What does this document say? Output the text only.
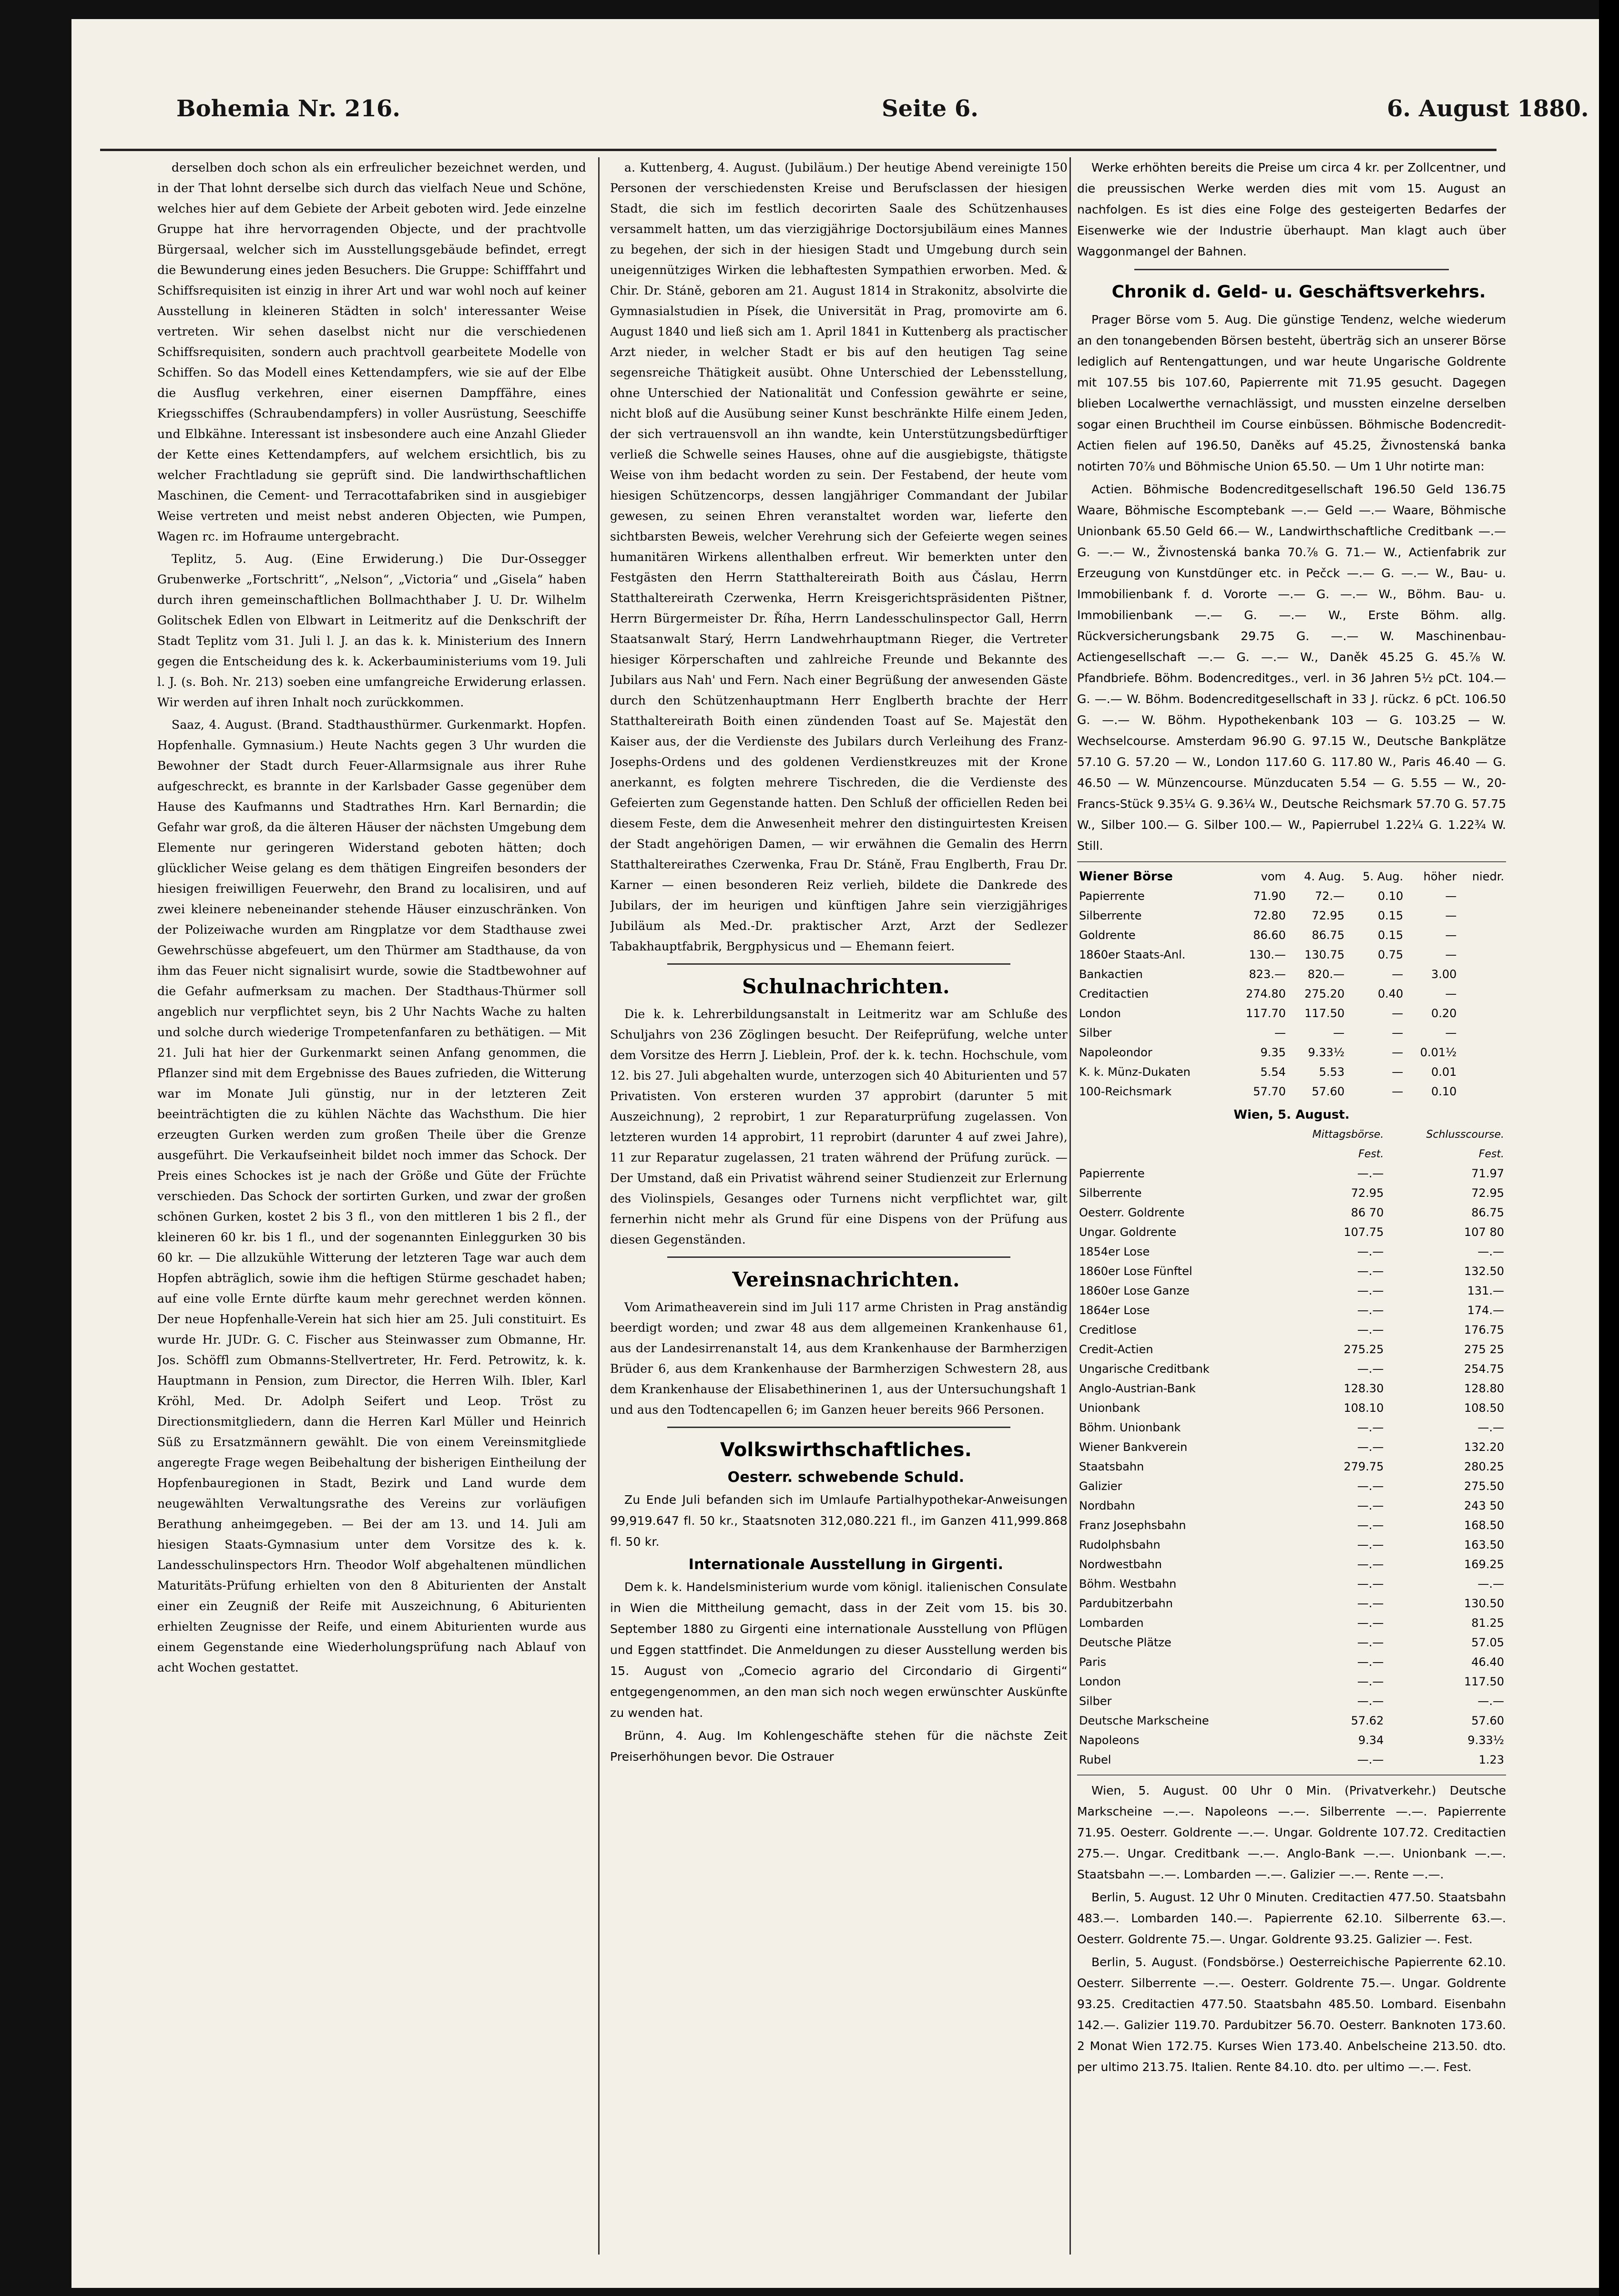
Bohemia Nr. 216.	Seite 6.	6. August 1880.

derselben doch schon als ein erfreulicher bezeichnet werden, und in der That lohnt derselbe sich durch das vielfach Neue und Schöne, welches hier auf dem Gebiete der Arbeit geboten wird. Jede einzelne Gruppe hat ihre hervorragenden Objecte, und der prachtvolle Bürgersaal, welcher sich im Ausstellungsgebäude befindet, erregt die Bewunderung eines jeden Besuchers. Die Gruppe: Schifffahrt und Schiffsrequisiten ist einzig in ihrer Art und war wohl noch auf keiner Ausstellung in kleineren Städten in solch' interessanter Weise vertreten. Wir sehen daselbst nicht nur die verschiedenen Schiffsrequisiten, sondern auch prachtvoll gearbeitete Modelle von Schiffen. So das Modell eines Kettendampfers, wie sie auf der Elbe die Ausflug verkehren, einer eisernen Dampffähre, eines Kriegsschiffes (Schraubendampfers) in voller Ausrüstung, Seeschiffe und Elbkähne. Interessant ist insbesondere auch eine Anzahl Glieder der Kette eines Kettendampfers, auf welchem ersichtlich, bis zu welcher Frachtladung sie geprüft sind. Die landwirthschaftlichen Maschinen, die Cement- und Terracottafabriken sind in ausgiebiger Weise vertreten und meist nebst anderen Objecten, wie Pumpen, Wagen rc. im Hofraume untergebracht.

Teplitz, 5. Aug. (Eine Erwiderung.) Die Dur-Ossegger Grubenwerke „Fortschritt“, „Nelson“, „Victoria“ und „Gisela“ haben durch ihren gemeinschaftlichen Bollmachthaber J. U. Dr. Wilhelm Golitschek Edlen von Elbwart in Leitmeritz auf die Denkschrift der Stadt Teplitz vom 31. Juli l. J. an das k. k. Ministerium des Innern gegen die Entscheidung des k. k. Ackerbauministeriums vom 19. Juli l. J. (s. Boh. Nr. 213) soeben eine umfangreiche Erwiderung erlassen. Wir werden auf ihren Inhalt noch zurückkommen.

Saaz, 4. August. (Brand. Stadthausthürmer. Gurkenmarkt. Hopfen. Hopfenhalle. Gymnasium.) Heute Nachts gegen 3 Uhr wurden die Bewohner der Stadt durch Feuer-Allarmsignale aus ihrer Ruhe aufgeschreckt, es brannte in der Karlsbader Gasse gegenüber dem Hause des Kaufmanns und Stadtrathes Hrn. Karl Bernardin; die Gefahr war groß, da die älteren Häuser der nächsten Umgebung dem Elemente nur geringeren Widerstand geboten hätten; doch glücklicher Weise gelang es dem thätigen Eingreifen besonders der hiesigen freiwilligen Feuerwehr, den Brand zu localisiren, und auf zwei kleinere nebeneinander stehende Häuser einzuschränken. Von der Polizeiwache wurden am Ringplatze vor dem Stadthause zwei Gewehrschüsse abgefeuert, um den Thürmer am Stadthause, da von ihm das Feuer nicht signalisirt wurde, sowie die Stadtbewohner auf die Gefahr aufmerksam zu machen. Der Stadthaus-Thürmer soll angeblich nur verpflichtet seyn, bis 2 Uhr Nachts Wache zu halten und solche durch wiederige Trompetenfanfaren zu bethätigen. — Mit 21. Juli hat hier der Gurkenmarkt seinen Anfang genommen, die Pflanzer sind mit dem Ergebnisse des Baues zufrieden, die Witterung war im Monate Juli günstig, nur in der letzteren Zeit beeinträchtigten die zu kühlen Nächte das Wachsthum. Die hier erzeugten Gurken werden zum großen Theile über die Grenze ausgeführt. Die Verkaufseinheit bildet noch immer das Schock. Der Preis eines Schockes ist je nach der Größe und Güte der Früchte verschieden. Das Schock der sortirten Gurken, und zwar der großen schönen Gurken, kostet 2 bis 3 fl., von den mittleren 1 bis 2 fl., der kleineren 60 kr. bis 1 fl., und der sogenannten Einleggurken 30 bis 60 kr. — Die allzukühle Witterung der letzteren Tage war auch dem Hopfen abträglich, sowie ihm die heftigen Stürme geschadet haben; auf eine volle Ernte dürfte kaum mehr gerechnet werden können. Der neue Hopfenhalle-Verein hat sich hier am 25. Juli constituirt. Es wurde Hr. JUDr. G. C. Fischer aus Steinwasser zum Obmanne, Hr. Jos. Schöffl zum Obmanns-Stellvertreter, Hr. Ferd. Petrowitz, k. k. Hauptmann in Pension, zum Director, die Herren Wilh. Ibler, Karl Kröhl, Med. Dr. Adolph Seifert und Leop. Tröst zu Directionsmitgliedern, dann die Herren Karl Müller und Heinrich Süß zu Ersatzmännern gewählt. Die von einem Vereinsmitgliede angeregte Frage wegen Beibehaltung der bisherigen Eintheilung der Hopfenbauregionen in Stadt, Bezirk und Land wurde dem neugewählten Verwaltungsrathe des Vereins zur vorläufigen Berathung anheimgegeben. — Bei der am 13. und 14. Juli am hiesigen Staats-Gymnasium unter dem Vorsitze des k. k. Landesschulinspectors Hrn. Theodor Wolf abgehaltenen mündlichen Maturitäts-Prüfung erhielten von den 8 Abiturienten der Anstalt einer ein Zeugniß der Reife mit Auszeichnung, 6 Abiturienten erhielten Zeugnisse der Reife, und einem Abiturienten wurde aus einem Gegenstande eine Wiederholungsprüfung nach Ablauf von acht Wochen gestattet.

a. Kuttenberg, 4. August. (Jubiläum.) Der heutige Abend vereinigte 150 Personen der verschiedensten Kreise und Berufsclassen der hiesigen Stadt, die sich im festlich decorirten Saale des Schützenhauses versammelt hatten, um das vierzigjährige Doctorsjubiläum eines Mannes zu begehen, der sich in der hiesigen Stadt und Umgebung durch sein uneigennütziges Wirken die lebhaftesten Sympathien erworben. Med. & Chir. Dr. Stáně, geboren am 21. August 1814 in Strakonitz, absolvirte die Gymnasialstudien in Písek, die Universität in Prag, promovirte am 6. August 1840 und ließ sich am 1. April 1841 in Kuttenberg als practischer Arzt nieder, in welcher Stadt er bis auf den heutigen Tag seine segensreiche Thätigkeit ausübt. Ohne Unterschied der Lebensstellung, ohne Unterschied der Nationalität und Confession gewährte er seine, nicht bloß auf die Ausübung seiner Kunst beschränkte Hilfe einem Jeden, der sich vertrauensvoll an ihn wandte, kein Unterstützungsbedürftiger verließ die Schwelle seines Hauses, ohne auf die ausgiebigste, thätigste Weise von ihm bedacht worden zu sein. Der Festabend, der heute vom hiesigen Schützencorps, dessen langjähriger Commandant der Jubilar gewesen, zu seinen Ehren veranstaltet worden war, lieferte den sichtbarsten Beweis, welcher Verehrung sich der Gefeierte wegen seines humanitären Wirkens allenthalben erfreut. Wir bemerkten unter den Festgästen den Herrn Statthaltereirath Boith aus Čáslau, Herrn Statthaltereirath Czerwenka, Herrn Kreisgerichtspräsidenten Pištner, Herrn Bürgermeister Dr. Říha, Herrn Landesschulinspector Gall, Herrn Staatsanwalt Starý, Herrn Landwehrhauptmann Rieger, die Vertreter hiesiger Körperschaften und zahlreiche Freunde und Bekannte des Jubilars aus Nah' und Fern. Nach einer Begrüßung der anwesenden Gäste durch den Schützenhauptmann Herr Englberth brachte der Herr Statthaltereirath Boith einen zündenden Toast auf Se. Majestät den Kaiser aus, der die Verdienste des Jubilars durch Verleihung des Franz-Josephs-Ordens und des goldenen Verdienstkreuzes mit der Krone anerkannt, es folgten mehrere Tischreden, die die Verdienste des Gefeierten zum Gegenstande hatten. Den Schluß der officiellen Reden bei diesem Feste, dem die Anwesenheit mehrer den distinguirtesten Kreisen der Stadt angehörigen Damen, — wir erwähnen die Gemalin des Herrn Statthaltereirathes Czerwenka, Frau Dr. Stáně, Frau Englberth, Frau Dr. Karner — einen besonderen Reiz verlieh, bildete die Dankrede des Jubilars, der im heurigen und künftigen Jahre sein vierzigjähriges Jubiläum als Med.-Dr. praktischer Arzt, Arzt der Sedlezer Tabakhauptfabrik, Bergphysicus und — Ehemann feiert.

Schulnachrichten.

Die k. k. Lehrerbildungsanstalt in Leitmeritz war am Schluße des Schuljahrs von 236 Zöglingen besucht. Der Reifeprüfung, welche unter dem Vorsitze des Herrn J. Lieblein, Prof. der k. k. techn. Hochschule, vom 12. bis 27. Juli abgehalten wurde, unterzogen sich 40 Abiturienten und 57 Privatisten. Von ersteren wurden 37 approbirt (darunter 5 mit Auszeichnung), 2 reprobirt, 1 zur Reparaturprüfung zugelassen. Von letzteren wurden 14 approbirt, 11 reprobirt (darunter 4 auf zwei Jahre), 11 zur Reparatur zugelassen, 21 traten während der Prüfung zurück. — Der Umstand, daß ein Privatist während seiner Studienzeit zur Erlernung des Violinspiels, Gesanges oder Turnens nicht verpflichtet war, gilt fernerhin nicht mehr als Grund für eine Dispens von der Prüfung aus diesen Gegenständen.

Vereinsnachrichten.

Vom Arimatheaverein sind im Juli 117 arme Christen in Prag anständig beerdigt worden; und zwar 48 aus dem allgemeinen Krankenhause 61, aus der Landesirrenanstalt 14, aus dem Krankenhause der Barmherzigen Brüder 6, aus dem Krankenhause der Barmherzigen Schwestern 28, aus dem Krankenhause der Elisabethinerinen 1, aus der Untersuchungshaft 1 und aus den Todtencapellen 6; im Ganzen heuer bereits 966 Personen.

Volkswirthschaftliches.

Oesterr. schwebende Schuld.

Zu Ende Juli befanden sich im Umlaufe Partialhypothekar-Anweisungen 99,919.647 fl. 50 kr., Staatsnoten 312,080.221 fl., im Ganzen 411,999.868 fl. 50 kr.

Internationale Ausstellung in Girgenti.

Dem k. k. Handelsministerium wurde vom königl. italienischen Consulate in Wien die Mittheilung gemacht, dass in der Zeit vom 15. bis 30. September 1880 zu Girgenti eine internationale Ausstellung von Pflügen und Eggen stattfindet. Die Anmeldungen zu dieser Ausstellung werden bis 15. August von „Comecio agrario del Circondario di Girgenti“ entgegengenommen, an den man sich noch wegen erwünschter Auskünfte zu wenden hat.

Brünn, 4. Aug. Im Kohlengeschäfte stehen für die nächste Zeit Preiserhöhungen bevor. Die Ostrauer

Werke erhöhten bereits die Preise um circa 4 kr. per Zollcentner, und die preussischen Werke werden dies mit vom 15. August an nachfolgen. Es ist dies eine Folge des gesteigerten Bedarfes der Eisenwerke wie der Industrie überhaupt. Man klagt auch über Waggonmangel der Bahnen.

Chronik d. Geld- u. Geschäftsverkehrs.

Prager Börse vom 5. Aug. Die günstige Tendenz, welche wiederum an den tonangebenden Börsen besteht, überträg sich an unserer Börse lediglich auf Rentengattungen, und war heute Ungarische Goldrente mit 107.55 bis 107.60, Papierrente mit 71.95 gesucht. Dagegen blieben Localwerthe vernachlässigt, und mussten einzelne derselben sogar einen Bruchtheil im Course einbüssen. Böhmische Bodencredit-Actien fielen auf 196.50, Daněks auf 45.25, Živnostenská banka notirten 70⅞ und Böhmische Union 65.50. — Um 1 Uhr notirte man:

Actien. Böhmische Bodencreditgesellschaft 196.50 Geld 136.75 Waare, Böhmische Escomptebank —.— Geld —.— Waare, Böhmische Unionbank 65.50 Geld 66.— W., Landwirthschaftliche Creditbank —.— G. —.— W., Živnostenská banka 70.⅞ G. 71.— W., Actienfabrik zur Erzeugung von Kunstdünger etc. in Pečck —.— G. —.— W., Bau- u. Immobilienbank f. d. Vororte —.— G. —.— W., Böhm. Bau- u. Immobilienbank —.— G. —.— W., Erste Böhm. allg. Rückversicherungsbank 29.75 G. —.— W. Maschinenbau-Actiengesellschaft —.— G. —.— W., Daněk 45.25 G. 45.⅞ W. Pfandbriefe. Böhm. Bodencreditges., verl. in 36 Jahren 5½ pCt. 104.— G. —.— W. Böhm. Bodencreditgesellschaft in 33 J. rückz. 6 pCt. 106.50 G. —.— W. Böhm. Hypothekenbank 103 — G. 103.25 — W. Wechselcourse. Amsterdam 96.90 G. 97.15 W., Deutsche Bankplätze 57.10 G. 57.20 — W., London 117.60 G. 117.80 W., Paris 46.40 — G. 46.50 — W. Münzencourse. Münzducaten 5.54 — G. 5.55 — W., 20-Francs-Stück 9.35¼ G. 9.36¼ W., Deutsche Reichsmark 57.70 G. 57.75 W., Silber 100.— G. Silber 100.— W., Papierrubel 1.22¼ G. 1.22¾ W. Still.

Wiener Börse	vom	4. Aug.	5. Aug.	höher	niedr.
Papierrente	71.90	72.—	0.10	—	
Silberrente	72.80	72.95	0.15	—	
Goldrente	86.60	86.75	0.15	—	
1860er Staats-Anl.	130.—	130.75	0.75	—	
Bankactien	823.—	820.—	—	3.00	
Creditactien	274.80	275.20	0.40	—	
London	117.70	117.50	—	0.20	
Silber	—	—	—	—	
Napoleondor	9.35	9.33½	—	0.01½	
K. k. Münz-Dukaten	5.54	5.53	—	0.01	
100-Reichsmark	57.70	57.60	—	0.10	
Wien, 5. August.		
	Mittagsbörse.	Schlusscourse.
	Fest.	Fest.
Papierrente	—.—	71.97
Silberrente	72.95	72.95
Oesterr. Goldrente	86 70	86.75
Ungar. Goldrente	107.75	107 80
1854er Lose	—.—	—.—
1860er Lose Fünftel	—.—	132.50
1860er Lose Ganze	—.—	131.—
1864er Lose	—.—	174.—
Creditlose	—.—	176.75
Credit-Actien	275.25	275 25
Ungarische Creditbank	—.—	254.75
Anglo-Austrian-Bank	128.30	128.80
Unionbank	108.10	108.50
Böhm. Unionbank	—.—	—.—
Wiener Bankverein	—.—	132.20
Staatsbahn	279.75	280.25
Galizier	—.—	275.50
Nordbahn	—.—	243 50
Franz Josephsbahn	—.—	168.50
Rudolphsbahn	—.—	163.50
Nordwestbahn	—.—	169.25
Böhm. Westbahn	—.—	—.—
Pardubitzerbahn	—.—	130.50
Lombarden	—.—	81.25
Deutsche Plätze	—.—	57.05
Paris	—.—	46.40
London	—.—	117.50
Silber	—.—	—.—
Deutsche Markscheine	57.62	57.60
Napoleons	9.34	9.33½
Rubel	—.—	1.23

Wien, 5. August. 00 Uhr 0 Min. (Privatverkehr.) Deutsche Markscheine —.—. Napoleons —.—. Silberrente —.—. Papierrente 71.95. Oesterr. Goldrente —.—. Ungar. Goldrente 107.72. Creditactien 275.—. Ungar. Creditbank —.—. Anglo-Bank —.—. Unionbank —.—. Staatsbahn —.—. Lombarden —.—. Galizier —.—. Rente —.—.

Berlin, 5. August. 12 Uhr 0 Minuten. Creditactien 477.50. Staatsbahn 483.—. Lombarden 140.—. Papierrente 62.10. Silberrente 63.—. Oesterr. Goldrente 75.—. Ungar. Goldrente 93.25. Galizier —. Fest.

Berlin, 5. August. (Fondsbörse.) Oesterreichische Papierrente 62.10. Oesterr. Silberrente —.—. Oesterr. Goldrente 75.—. Ungar. Goldrente 93.25. Creditactien 477.50. Staatsbahn 485.50. Lombard. Eisenbahn 142.—. Galizier 119.70. Pardubitzer 56.70. Oesterr. Banknoten 173.60. 2 Monat Wien 172.75. Kurses Wien 173.40. Anbelscheine 213.50. dto. per ultimo 213.75. Italien. Rente 84.10. dto. per ultimo —.—. Fest.
